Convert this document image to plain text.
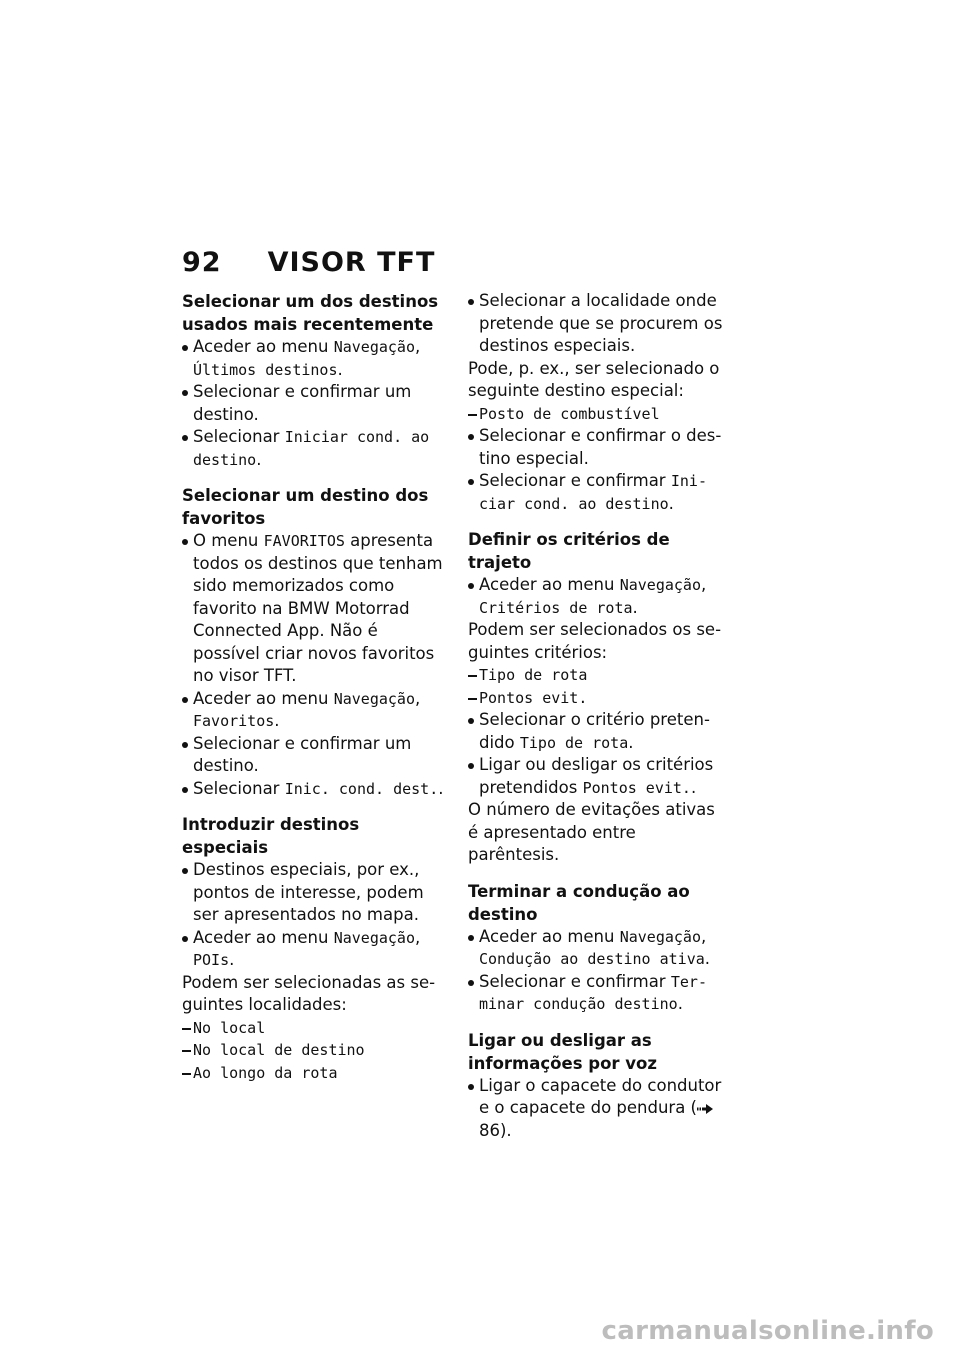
92 VISOR TFT

Selecionar um dos destinos usados mais recentemente

Aceder ao menu Navegação, Últimos destinos.

Selecionar e confirmar um destino.

Selecionar Iniciar cond. ao destino.

Selecionar um destino dos favoritos

O menu FAVORITOS apresenta todos os destinos que tenham sido memorizados como favorito na BMW Motorrad Connected App. Não é possível criar novos favoritos no visor TFT.

Aceder ao menu Navegação, Favoritos.

Selecionar e confirmar um destino.

Selecionar Inic. cond. dest..

Introduzir destinos especiais

Destinos especiais, por ex., pontos de interesse, podem ser apresentados no mapa.

Aceder ao menu Navegação, POIs.

Podem ser selecionadas as seguintes localidades:

No local

No local de destino

Ao longo da rota

Selecionar a localidade onde pretende que se procurem os destinos especiais.

Pode, p. ex., ser selecionado o seguinte destino especial:

Posto de combustível

Selecionar e confirmar o destino especial.

Selecionar e confirmar Iniciar cond. ao destino.

Definir os critérios de trajeto

Aceder ao menu Navegação, Critérios de rota.

Podem ser selecionados os seguintes critérios:

Tipo de rota

Pontos evit.

Selecionar o critério pretendido Tipo de rota.

Ligar ou desligar os critérios pretendidos Pontos evit..

O número de evitações ativas é apresentado entre parêntesis.

Terminar a condução ao destino

Aceder ao menu Navegação, Condução ao destino ativa.

Selecionar e confirmar Terminar condução destino.

Ligar ou desligar as informações por voz

Ligar o capacete do condutor e o capacete do pendura ( 86).

carmanualsonline.info
